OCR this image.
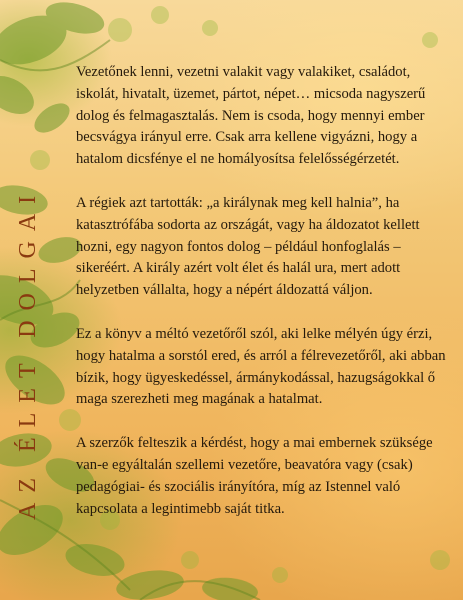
AZ ÉLET DOLGAI

Vezetőnek lenni, vezetni valakit vagy valakiket, családot, iskolát, hivatalt, üzemet, pártot, népet… micsoda nagyszerű dolog és felmagasztalás. Nem is csoda, hogy mennyi ember becsvágya irányul erre. Csak arra kellene vigyázni, hogy a hatalom dicsfénye el ne homályosítsa felelősségérzetét.

A régiek azt tartották: „a királynak meg kell halnia”, ha katasztrófába sodorta az országát, vagy ha áldozatot kellett hozni, egy nagyon fontos dolog – például honfoglalás – sikeréért. A király azért volt élet és halál ura, mert adott helyzetben vállalta, hogy a népért áldozattá váljon.

Ez a könyv a méltó vezetőről szól, aki lelke mélyén úgy érzi, hogy hatalma a sorstól ered, és arról a félrevezetőről, aki abban bízik, hogy ügyeskedéssel, ármánykodással, hazugságokkal ő maga szerezheti meg magának a hatalmat.

A szerzők felteszik a kérdést, hogy a mai embernek szüksége van-e egyáltalán szellemi vezetőre, beavatóra vagy (csak) pedagógiai- és szociális irányítóra, míg az Istennel való kapcsolata a legintimebb saját titka.
